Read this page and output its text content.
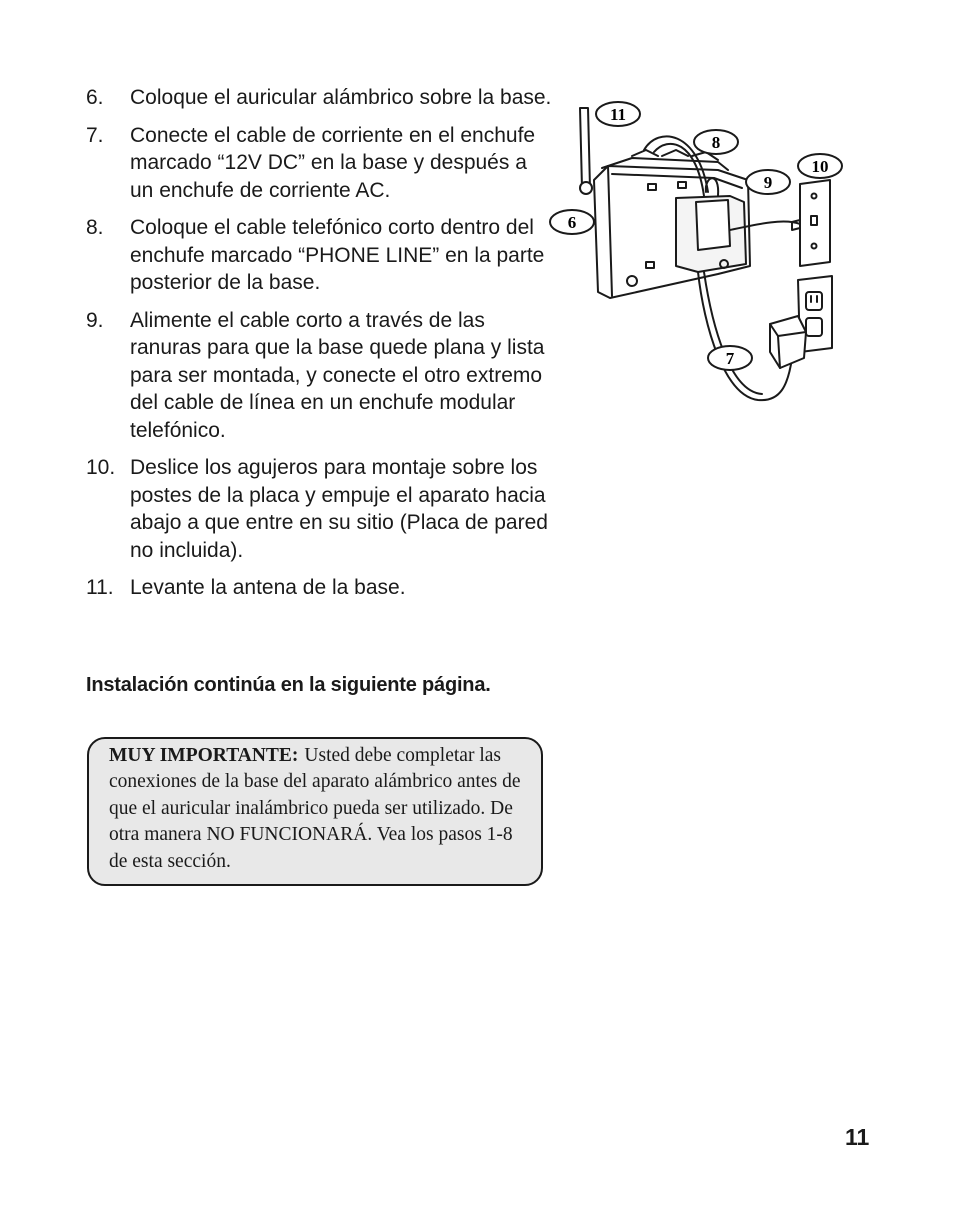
6.	Coloque el auricular alámbrico sobre la base.
7.	Conecte el cable de corriente en el enchufe marcado “12V DC” en la base y después a un enchufe de corriente AC.
8.	Coloque el cable telefónico corto dentro del enchufe marcado “PHONE LINE” en la parte posterior de la base.
9.	Alimente el cable corto a través de las ranuras para que la base quede plana y lista para ser montada, y conecte el otro extremo del cable de línea en un enchufe modular telefónico.
10. Deslice los agujeros para montaje sobre los postes de la placa y empuje el aparato hacia abajo a que entre en su sitio (Placa de pared no incluida).
11. Levante la antena de la base.
Instalación continúa en la siguiente página.
MUY IMPORTANTE: Usted debe completar las conexiones de la base del aparato alámbrico antes de que el auricular inalámbrico pueda ser utilizado. De otra manera NO FUNCIONARÁ. Vea los pasos 1-8 de esta sección.
11
8
10
9
6
7
11
